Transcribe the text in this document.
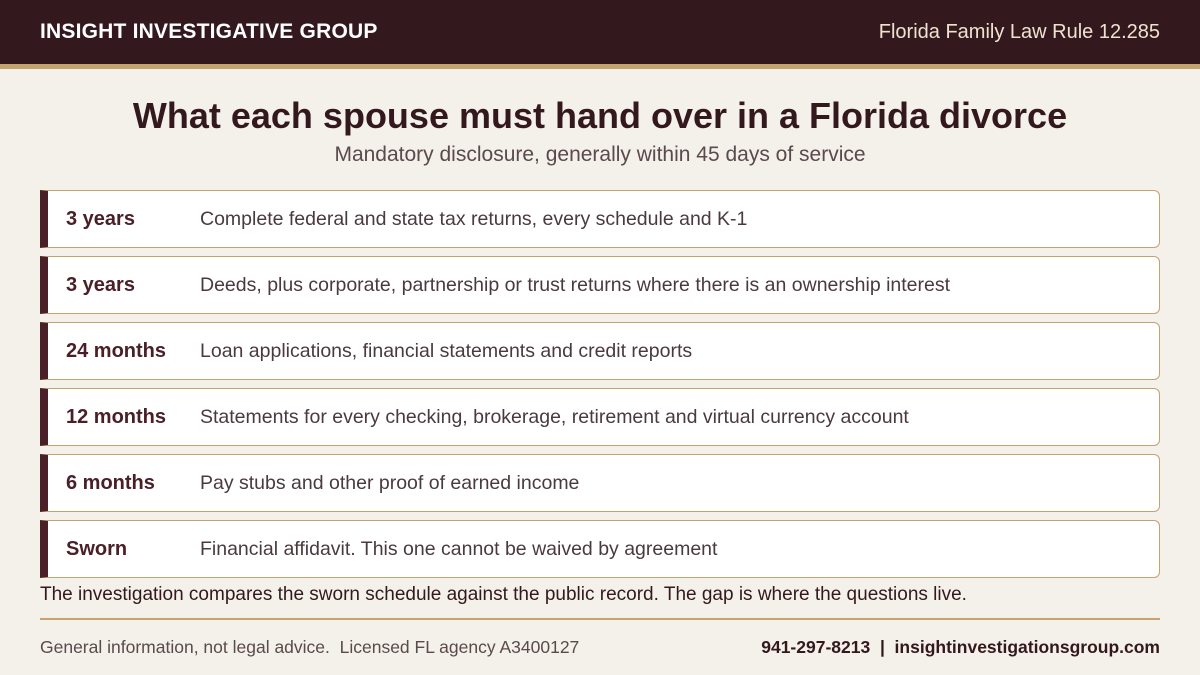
INSIGHT INVESTIGATIVE GROUP	Florida Family Law Rule 12.285
What each spouse must hand over in a Florida divorce
Mandatory disclosure, generally within 45 days of service
3 years	Complete federal and state tax returns, every schedule and K-1
3 years	Deeds, plus corporate, partnership or trust returns where there is an ownership interest
24 months	Loan applications, financial statements and credit reports
12 months	Statements for every checking, brokerage, retirement and virtual currency account
6 months	Pay stubs and other proof of earned income
Sworn	Financial affidavit. This one cannot be waived by agreement
The investigation compares the sworn schedule against the public record. The gap is where the questions live.
General information, not legal advice.  Licensed FL agency A3400127	941-297-8213  |  insightinvestigationsgroup.com
